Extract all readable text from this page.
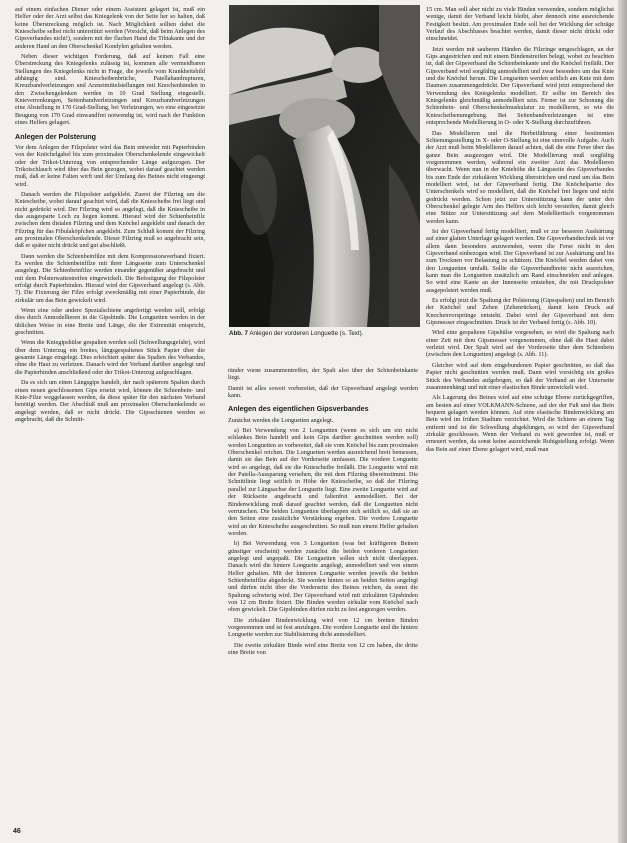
auf einem einfachen Diener oder einem Assistent gelagert ist, muß ein Helfer oder der Arzt selbst das Kniegelenk von der Seite her so halten, daß keine Überstreckung möglich ist. Nach Möglichkeit sollten dabei die Kniescheibe selbst nicht unterstützt werden (Vorsicht, daß beim Anlegen des Gipsverbandes nicht!), sondern mit der flachen Hand die Tibiakante und der anderen Hand an den Oberschenkel Kondylen gehalten werden.

Neben dieser wichtigen Forderung, daß auf keinen Fall eine Überstreckung des Kniegelenks zulässig ist, kommen alle vermeidbaren Stellungen des Kniegelenks nicht in Frage, die jeweils vom Krankheitsbild abhängig sind. Kniescheibenbrüche, Patellabandrupturen, Kreuzbandverletzungen und Arzneimittelstellungen mit Knochenbänden in den Zwischengelenken werden in 10 Grad Stellung eingestellt. Knieverrenkungen, Seitenbandverletzungen und Kreuzbandverletzungen eine Abstellung in 170 Grad-Stellung, bei Verletzungen, wo eine eingesetzte Beugung von 170 Grad einwandfrei notwendig ist, wird nach der Funktion eines Helfers gelagert.

Anlegen der Polsterung

Vor dem Anlegen der Filzpolster wird das Bein entweder mit Papierbinden von der Knöchelgabel bis zum proximalen Oberschenkelende eingewickelt oder der Trikot-Unterzug von entsprechender Länge aufgezogen. Der Trikotschlauch wird über das Bein gezogen, wobei darauf geachtet werden muß, daß er keine Falten wirft und der Umfang des Beines nicht eingeengt wird.

Danach werden die Filzpolster aufgeklebt. Zuerst der Filzring um die Kniescheibe, wobei darauf geachtet wird, daß die Kniescheibe frei liegt und nicht gedrückt wird. Der Filzring wird so angelegt, daß die Kniescheibe in das ausgesparte Loch zu liegen kommt. Hierauf wird der Schienbeinfilz zwischen dem distalen Filzring und dem Knöchel angeklebt und danach der Filzring für das Fibulaköpfchen angeklebt. Zum Schluß kommt der Filzring am proximalen Oberschenkelende. Dieser Filzring muß so angebracht sein, daß er später nicht drückt und gut abschließt.

Dann werden die Schienbeinfilze mit dem Kompressionsverband fixiert. Es werden die Schienbeinfilze mit ihrer Längsseite zum Unterschenkel ausgelegt. Die Schienbeinfilze werden einander gegenüber angebracht und mit dem Polsterwattestreifen eingewickelt. Die Befestigung der Filzpolster erfolgt durch Papierbinden. Hierauf wird der Gipsverband angelegt (s. Abb. 7). Die Fixierung der Filze erfolgt zweckmäßig mit einer Papierbinde, die zirkulär um das Bein gewickelt wird.

Wenn eine oder andere Spezialschiene angefertigt werden soll, erfolgt dies durch Anmodellieren in die Gipsbinde. Die Longuetten werden in der üblichen Weise in eine Breite und Länge, die der Extremität entspricht, geschnitten.

Wenn die Kniegipshülse gespalten werden soll (Schwellungsgefahr), wird über dem Unterzug ein breites, längsgespaltenes Stück Papier über die gesamte Länge eingelegt. Dies erleichtert später das Spalten des Verbandes, ohne die Haut zu verletzen. Danach wird der Verband darüber angelegt und die Papierbinden anschließend oder der Trikot-Unterzug aufgeschlagen.

Da es sich um einen Längsgips handelt, der nach späterem Spalten durch einen neuen geschlossenen Gips ersetzt wird, können die Schienbein- und Knie-Filze weggelassen werden, da diese später für den nächsten Verband benötigt werden. Der Abschluß muß am proximalen Oberschenkelende so angelegt werden, daß er nicht drückt. Die Gipsschienen werden so angebracht, daß die Schnitt-

Abb. 7 Anlegen der vorderen Longuette (s. Text).

ränder vorne zusammentreffen, der Spalt also über der Schienbeinkante liegt.

Damit ist alles soweit vorbereitet, daß der Gipsverband angelegt werden kann.

Anlegen des eigentlichen Gipsverbandes

Zunächst werden die Longuetten angelegt.

a) Bei Verwendung von 2 Longuetten (wenn es sich um ein nicht schlankes Bein handelt und kein Gips darüber geschnitten werden soll) werden Longuetten so vorbereitet, daß sie vom Knöchel bis zum proximalen Oberschenkel reichen. Die Longuetten werden ausreichend breit bemessen, damit sie das Bein auf der Vorderseite umfassen. Die vordere Longuette wird so angelegt, daß sie die Kniescheibe freiläßt. Die Longuette wird mit der Patella-Aussparung versehen, die mit dem Filzring übereinstimmt. Die Schnittlinie liegt seitlich in Höhe der Kniescheibe, so daß der Filzring parallel zur Längsachse der Longuette liegt. Eine zweite Longuette wird auf der Rückseite angebracht und faltenfrei anmodelliert. Bei der Bindenwicklung muß darauf geachtet werden, daß die Longuetten nicht verrutschen. Die beiden Longuetten überlappen sich seitlich so, daß sie an den Seiten eine zusätzliche Verstärkung ergeben. Die vordere Longuette wird an der Kniescheibe ausgeschnitten. So muß nun einem Helfer gehalten werden.

b) Bei Verwendung von 3 Longuetten (was bei kräftigeren Beinen günstiger erscheint) werden zunächst die beiden vorderen Longuetten angelegt und angepaßt. Die Longuetten sollen sich nicht überlappen. Danach wird die hintere Longuette angelegt, anmodelliert und von einem Helfer gehalten. Mit der hinteren Longuette werden jeweils die beiden Schienbeinfilze abgedeckt. Sie werden hinten so an beiden Seiten angelegt und dürfen nicht über die Vorderseite des Beines reichen, da sonst die Spaltung schwierig wird. Der Gipsverband wird mit zirkulären Gipsbinden von 12 cm Breite fixiert. Die Binden werden zirkulär vom Knöchel nach oben gewickelt. Die Gipsbinden dürfen nicht zu fest angezogen werden.

Die zirkuläre Bindenwicklung wird von 12 cm breiten Binden vorgenommen und ist fest anzulegen. Die vordere Longuette und die hintere Longuette werden zur Stabilisierung dicht anmodelliert.

Die zweite zirkuläre Binde wird eine Breite von 12 cm haben, die dritte eine Breite von

15 cm. Man soll aber nicht zu viele Binden verwenden, sondern möglichst wenige, damit der Verband leicht bleibt, aber dennoch eine ausreichende Festigkeit besitzt. Am proximalen Ende soll bei der Wicklung der schräge Verlauf des Abschlusses beachtet werden, damit dieser nicht drückt oder einschneidet.

Jetzt werden mit sauberen Händen die Filzringe umgeschlagen, an der Gips angestrichen und mit einem Bindenstreifen belegt, wobei zu beachten ist, daß der Gipsverband die Schienbeinkante und die Knöchel freiläßt. Der Gipsverband wird sorgfältig anmodelliert und zwar besonders um das Knie und die Knöchel herum. Die Longuetten werden seitlich am Knie mit dem Daumen zusammengedrückt. Der Gipsverband wird jetzt entsprechend der Verwendung des Kniegelenks modelliert. Er sollte im Bereich des Kniegelenks gleichmäßig anmodelliert sein. Ferner ist zur Schonung die Schienbein- und Oberschenkelmuskulatur zu modellieren, so wie die Kniescheibenumgebung. Bei Seitenbandverletzungen ist eine entsprechende Modellierung in O- oder X-Stellung durchzuführen.

Das Modellieren und die Herbeiführung einer bestimmten Schienungsstellung in X- oder O-Stellung ist eine sinnvolle Aufgabe. Auch der Arzt muß beim Modellieren darauf achten, daß die eine Ferse über das ganze Bein ausgezogen wird. Die Modellierung muß sorgfältig vorgenommen werden, während ein zweiter Arzt das Modellieren überwacht. Wenn nun in der Kniehöhe die Längsseite des Gipsverbandes bis zum Ende der zirkulären Wicklung überstrichen und rund um das Bein modelliert wird, ist der Gipsverband fertig. Die Knöchelpartie des Unterschenkels wird so modelliert, daß die Knöchel frei liegen und nicht gedrückt werden. Schon jetzt zur Unterstützung kann der unter den Oberschenkel gelegte Arm des Helfers sich leicht versteifen, damit gleich eine Stütze zur Unterstützung auf dem Modelliertisch vorgenommen werden kann.

Ist der Gipsverband fertig modelliert, muß er zur besseren Aushärtung auf einer glatten Unterlage gelagert werden. Die Gipsverbandtechnik ist vor allem dann besonders anzuwenden, wenn die Ferse nicht in den Gipsverband einbezogen wird. Der Gipsverband ist zur Aushärtung und bis zum Trocknen vor Belastung zu schützen. Die Knöchel werden dabei von den Longuetten umfaßt. Sollte die Gipsverbandbreite nicht ausreichen, kann man die Longuetten zusätzlich am Rand einschneiden und anlegen. So wird eine Kante an der Innenseite entstehen, die mit Druckpolster ausgepolstert werden muß.

Es erfolgt jetzt die Spaltung der Polsterung (Gipsspalten) und im Bereich der Knöchel und Zehen (Zehenrücken), damit kein Druck auf Knochenvorsprünge entsteht. Dabei wird der Gipsverband mit dem Gipsmesser eingeschnitten. Druck ist der Verband fertig (s. Abb. 10).

Wird eine gespaltene Gipshülse vorgesehen, so wird die Spaltung nach einer Zeit mit dem Gipsmesser vorgenommen, ohne daß die Haut dabei verletzt wird. Der Spalt wird auf der Vorderseite über dem Schienbein (zwischen den Longuetten) angelegt (s. Abb. 11).

Gleicher wird auf dem eingebundenen Papier geschnitten, so daß das Papier nicht geschnitten werden muß. Dann wird vorsichtig ein großes Stück des Verbandes aufgebogen, so daß der Verband an der Unterseite zusammenhängt und mit einer elastischen Binde umwickelt wird.

Als Lagerung des Beines wird auf eine schräge Ebene zurückgegriffen, am besten auf einer VOLKMANN-Schiene, auf der der Fuß und das Bein bequem gelagert werden können. Auf eine elastische Bindenwicklung am Bein wird im frühen Stadium verzichtet. Wird die Schiene an einem Tag entfernt und ist die Schwellung abgeklungen, so wird der Gipsverband zirkulär geschlossen. Wenn der Verband zu weit geworden ist, muß er erneuert werden, da sonst keine ausreichende Ruhigstellung erfolgt. Wenn das Bein auf einer Ebene gelagert wird, muß man

46
